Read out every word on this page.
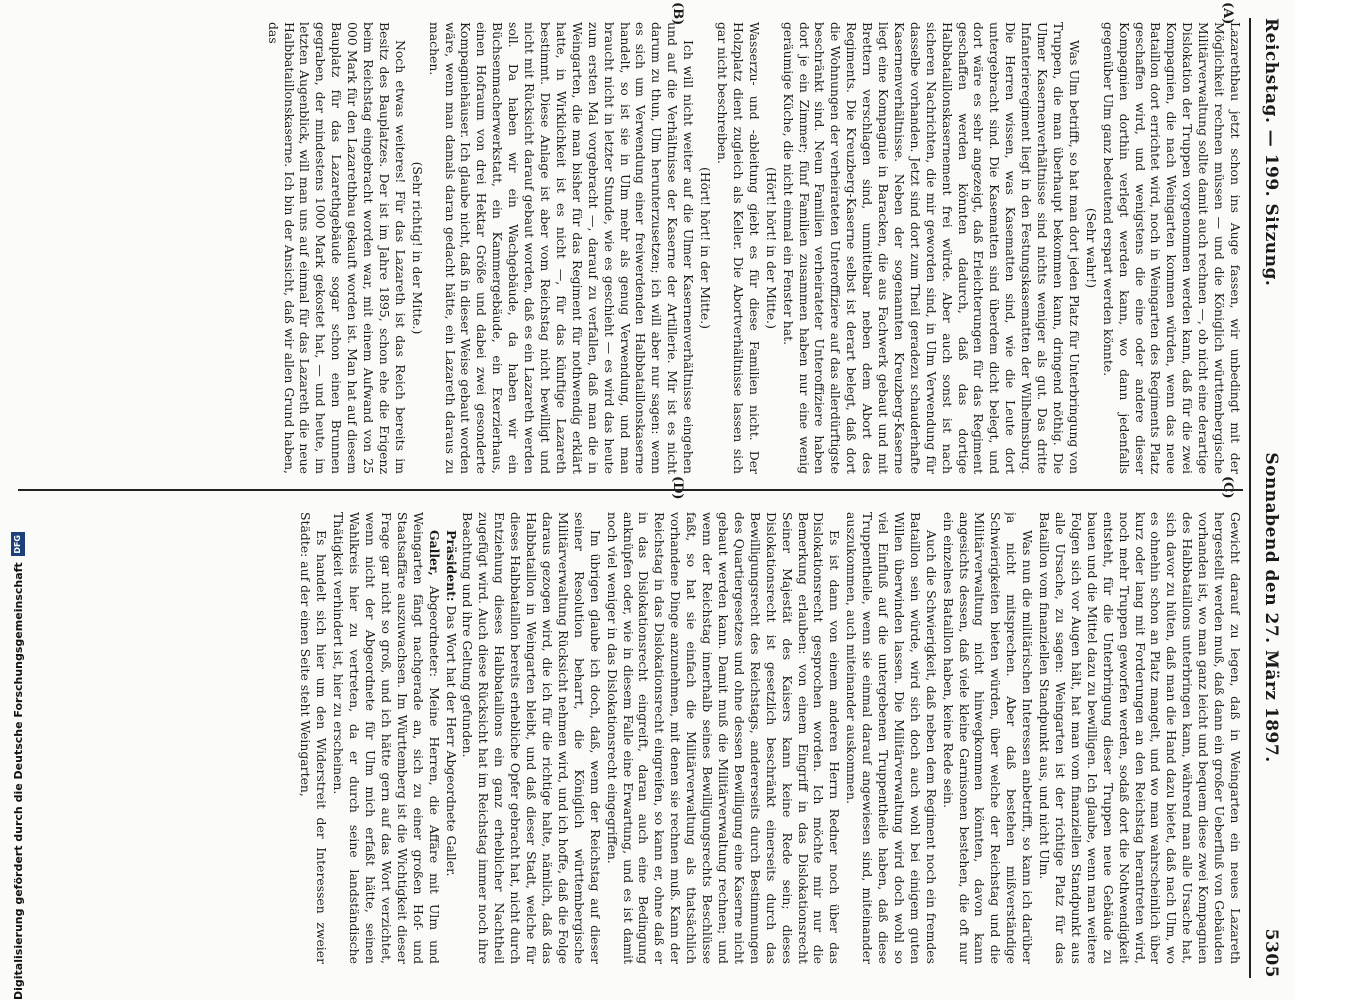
Reichstag. — 199. Sitzung.
Sonnabend den 27. März 1897.
5305
(A)
(B)
(C)
(D)

Lazarethbau jetzt schon ins Auge fassen, wir unbedingt mit der Möglichkeit rechnen müssen — und die Königlich württembergische Militärverwaltung sollte damit auch rechnen —, ob nicht eine derartige Dislokation der Truppen vorgenommen werden kann, daß für die zwei Kompagnien, die nach Weingarten kommen würden, wenn das neue Bataillon dort errichtet wird, noch in Weingarten des Regiments Platz geschaffen wird, und wenigstens die eine oder andere dieser Kompagnien dorthin verlegt werden kann, wo dann jedenfalls gegenüber Ulm ganz bedeutend erspart werden könnte.

(Sehr wahr!)

Was Ulm betrifft, so hat man dort jeden Platz für Unterbringung von Truppen, die man überhaupt bekommen kann, dringend nöthig. Die Ulmer Kasernenverhältnisse sind nichts weniger als gut. Das dritte Infanterieregiment liegt in den Festungskasematten der Wilhelmsburg. Die Herren wissen, was Kasematten sind, wie die Leute dort untergebracht sind. Die Kasematten sind überdem dicht belegt, und dort wäre es sehr angezeigt, daß Erleichterungen für das Regiment geschaffen werden könnten dadurch, daß das dortige Halbbataillonskasernement frei würde. Aber auch sonst ist nach sicheren Nachrichten, die mir geworden sind, in Ulm Verwendung für dasselbe vorhanden. Jetzt sind dort zum Theil geradezu schauderhafte Kasernenverhältnisse. Neben der sogenannten Kreuzberg-Kaserne liegt eine Kompagnie in Baracken, die aus Fachwerk gebaut und mit Brettern verschlagen sind, unmittelbar neben dem Abort des Regiments. Die Kreuzberg-Kaserne selbst ist derart belegt, daß dort die Wohnungen der verheirateten Unteroffiziere auf das allerdürftigste beschränkt sind. Neun Familien verheirateter Unteroffiziere haben dort je ein Zimmer; fünf Familien zusammen haben nur eine wenig geräumige Küche, die nicht einmal ein Fenster hat.

(Hört! hört! in der Mitte.)

Wasserzu- und -ableitung giebt es für diese Familien nicht. Der Holzplatz dient zugleich als Keller. Die Abortverhältnisse lassen sich gar nicht beschreiben.

(Hört! hört! in der Mitte.)

Ich will nicht weiter auf die Ulmer Kasernenverhältnisse eingehen und auf die Verhältnisse der Kaserne der Artillerie. Mir ist es nicht darum zu thun, Ulm herunterzusetzen; ich will aber nur sagen: wenn es sich um Verwendung einer freiwerdenden Halbbataillonskaserne handelt, so ist sie in Ulm mehr als genug Verwendung, und man braucht nicht in letzter Stunde, wie es geschieht — es wird das heute zum ersten Mal vorgebracht —, darauf zu verfallen, daß man die in Weingarten, die man bisher für das Regiment für nothwendig erklärt hatte, in Wirklichkeit ist es nicht —, für das künftige Lazareth bestimmt. Diese Anlage ist aber vom Reichstag nicht bewilligt und nicht mit Rücksicht darauf gebaut worden, daß es ein Lazareth werden soll. Da haben wir ein Wachgebäude, da haben wir ein Büchsenmacherwerkstatt, ein Kammergebäude, ein Exerzierhaus, einen Hofraum von drei Hektar Größe und dabei zwei gesonderte Kompagniehäuser. Ich glaube nicht, daß in dieser Weise gebaut worden wäre, wenn man damals daran gedacht hätte, ein Lazareth daraus zu machen.

(Sehr richtig! in der Mitte.)

Noch etwas weiteres! Für das Lazareth ist das Reich bereits im Besitz des Bauplatzes. Der ist im Jahre 1895, schon ehe die Erigenz beim Reichstag eingebracht worden war, mit einem Aufwand von 25 000 Mark für den Lazarethbau gekauft worden ist. Man hat auf diesem Bauplatz für das Lazarethgebäude sogar schon einen Brunnen gegraben, der mindestens 1000 Mark gekostet hat, — und heute, im letzten Augenblick, will man uns auf einmal für das Lazareth die neue Halbbataillonskaserne. Ich bin der Ansicht, daß wir allen Grund haben, das

Gewicht darauf zu legen, daß in Weingarten ein neues Lazareth hergestellt werden muß, daß dann ein großer Ueberfluß von Gebäuden vorhanden ist, wo man ganz leicht und bequem diese zwei Kompagnien des Halbbataillons unterbringen kann, während man alle Ursache hat, sich davor zu hüten, daß man die Hand dazu bietet, daß nach Ulm, wo es ohnehin schon an Platz mangelt, und wo man wahrscheinlich über kurz oder lang mit Forderungen an den Reichstag herantreten wird, noch mehr Truppen geworfen werden, sodaß dort die Nothwendigkeit entsteht, für die Unterbringung dieser Truppen neue Gebäude zu bauen und die Mittel dazu zu bewilligen. Ich glaube, wenn man weitere Folgen sich vor Augen hält, hat man vom finanziellen Standpunkt aus alle Ursache, zu sagen: Weingarten ist der richtige Platz für das Bataillon vom finanziellen Standpunkt aus, und nicht Ulm.

Was nun die militärischen Interessen anbetrifft, so kann ich darüber ja nicht mitsprechen. Aber daß bestehen mißverständige Schwierigkeiten bieten würden, über welche der Reichstag und die Militärverwaltung nicht hinwegkommen könnten, davon kann angesichts dessen, daß viele kleine Garnisonen bestehen, die oft nur ein einzelnes Bataillon haben, keine Rede sein.

Auch die Schwierigkeit, daß neben dem Regiment noch ein fremdes Bataillon sein würde, wird sich doch auch wohl bei einigem guten Willen überwinden lassen. Die Militärverwaltung wird doch wohl so viel Einfluß auf die untergebenen Truppentheile haben, daß diese Truppentheile, wenn sie einmal darauf angewiesen sind, miteinander auszukommen, auch miteinander auskommen.

Es ist dann von einem anderen Herrn Redner noch über das Dislokationsrecht gesprochen worden. Ich möchte mir nur die Bemerkung erlauben: von einem Eingriff in das Dislokationsrecht Seiner Majestät des Kaisers kann keine Rede sein; dieses Dislokationsrecht ist gesetzlich beschränkt einerseits durch das Bewilligungsrecht des Reichstags, andererseits durch Bestimmungen des Quartiergesetzes und ohne dessen Bewilligung eine Kaserne nicht gebaut werden kann. Damit muß die Militärverwaltung rechnen; und wenn der Reichstag innerhalb seines Bewilligungsrechts Beschlüsse faßt, so hat sie einfach die Militärverwaltung als thatsächlich vorhandene Dinge anzunehmen, mit denen sie rechnen muß. Kann der Reichstag in das Dislokationsrecht eingreifen, so kann er, ohne daß er in das Dislokationsrecht eingreift, daran auch eine Bedingung anknüpfen oder, wie in diesem Falle eine Erwartung, und es ist damit noch viel weniger in das Dislokationsrecht eingegriffen.

Im übrigen glaube ich doch, daß, wenn der Reichstag auf dieser seiner Resolution beharrt, die Königlich württembergische Militärverwaltung Rücksicht nehmen wird, und ich hoffe, daß die Folge daraus gezogen wird, die ich für die richtige halte, nämlich, daß das Halbbataillon in Weingarten bleibt, und daß dieser Stadt, welche für dieses Halbbataillon bereits erhebliche Opfer gebracht hat, nicht durch Entziehung dieses Halbbataillons ein ganz erheblicher Nachtheil zugefügt wird. Auch diese Rücksicht hat im Reichstag immer noch ihre Beachtung und ihre Geltung gefunden.

Präsident: Das Wort hat der Herr Abgeordnete Galler.

Galler, Abgeordneter: Meine Herren, die Affäre mit Ulm und Weingarten fängt nachgerade an, sich zu einer großen Hof- und Staatsaffäre auszuwachsen. Im Württemberg ist die Wichtigkeit dieser Frage gar nicht so groß, und ich hätte gern auf das Wort verzichtet, wenn nicht der Abgeordnete für Ulm mich erfaßt hätte, seinen Wahlkreis hier zu vertreten, da er durch seine landständische Thätigkeit verhindert ist, hier zu erscheinen.

Es handelt sich hier um den Widerstreit der Interessen zweier Städte: auf der einen Seite steht Weingarten,

Digitalisierung gefördert durch die Deutsche Forschungsgemeinschaft
DFG
